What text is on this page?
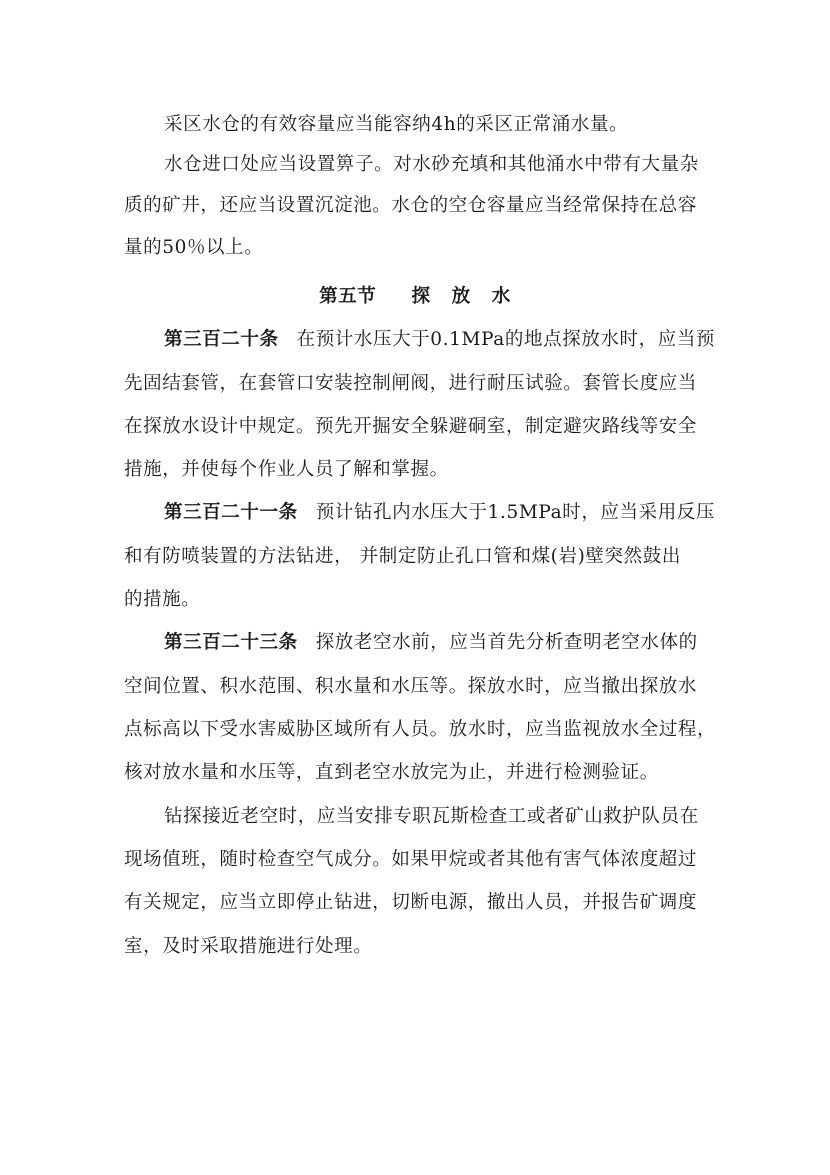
采区水仓的有效容量应当能容纳4h的采区正常涌水量。
水仓进口处应当设置箅子。对水砂充填和其他涌水中带有大量杂
质的矿井，还应当设置沉淀池。水仓的空仓容量应当经常保持在总容
量的50％以上。
第五节 探 放 水
第三百二十条 在预计水压大于0.1MPa的地点探放水时，应当预
先固结套管，在套管口安装控制闸阀，进行耐压试验。套管长度应当
在探放水设计中规定。预先开掘安全躲避硐室，制定避灾路线等安全
措施，并使每个作业人员了解和掌握。
第三百二十一条 预计钻孔内水压大于1.5MPa时，应当采用反压
和有防喷装置的方法钻进， 并制定防止孔口管和煤(岩)壁突然鼓出
的措施。
第三百二十三条 探放老空水前，应当首先分析查明老空水体的
空间位置、积水范围、积水量和水压等。探放水时，应当撤出探放水
点标高以下受水害威胁区域所有人员。放水时，应当监视放水全过程，
核对放水量和水压等，直到老空水放完为止，并进行检测验证。
钻探接近老空时，应当安排专职瓦斯检查工或者矿山救护队员在
现场值班，随时检查空气成分。如果甲烷或者其他有害气体浓度超过
有关规定，应当立即停止钻进，切断电源，撤出人员，并报告矿调度
室，及时采取措施进行处理。
